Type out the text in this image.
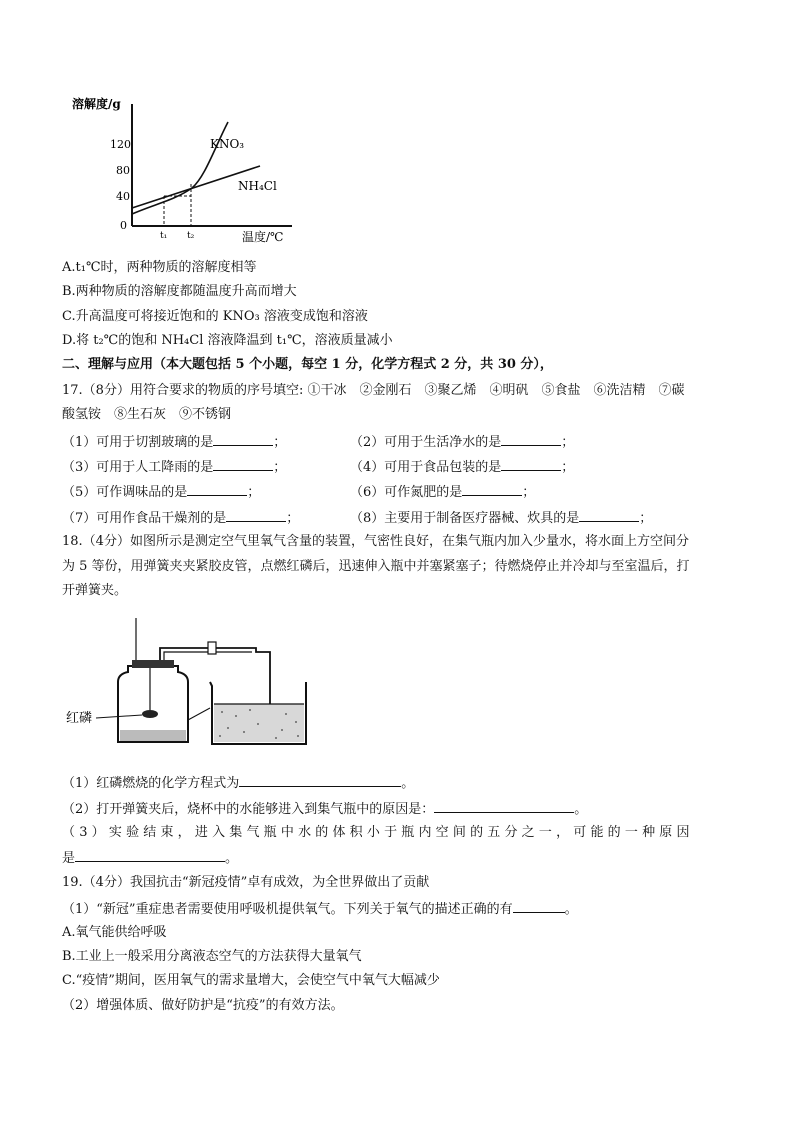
溶解度/g
120
80
40
0
KNO₃
NH₄Cl
t₁ t₂	温度/℃
A.t₁℃时，两种物质的溶解度相等
B.两种物质的溶解度都随温度升高而增大
C.升高温度可将接近饱和的 KNO₃ 溶液变成饱和溶液
D.将 t₂℃的饱和 NH₄Cl 溶液降温到 t₁℃，溶液质量减小
二、理解与应用（本大题包括 5 个小题，每空 1 分，化学方程式 2 分，共 30 分），
17.（8分）用符合要求的物质的序号填空: ①干冰　②金刚石　③聚乙烯　④明矾　⑤食盐　⑥洗洁精　⑦碳
酸氢铵　⑧生石灰　⑨不锈钢
（1）可用于切割玻璃的是	；	（2）可用于生活净水的是	；
（3）可用于人工降雨的是	；	（4）可用于食品包装的是	；
（5）可作调味品的是	；	（6）可作氮肥的是	；
（7）可用作食品干燥剂的是	；	（8）主要用于制备医疗器械、炊具的是	；
18.（4分）如图所示是测定空气里氧气含量的装置，气密性良好，在集气瓶内加入少量水，将水面上方空间分
为 5 等份，用弹簧夹夹紧胶皮管，点燃红磷后，迅速伸入瓶中并塞紧塞子；待燃烧停止并冷却与至室温后，打
开弹簧夹。
红磷
（1）红磷燃烧的化学方程式为	。
（2）打开弹簧夹后，烧杯中的水能够进入到集气瓶中的原因是：	。
（3）实验结束，进入集气瓶中水的体积小于瓶内空间的五分之一，可能的一种原因
是	。
19.（4分）我国抗击“新冠疫情”卓有成效，为全世界做出了贡献
（1）“新冠”重症患者需要使用呼吸机提供氧气。下列关于氧气的描述正确的有	。
A.氧气能供给呼吸
B.工业上一般采用分离液态空气的方法获得大量氧气
C.“疫情”期间，医用氧气的需求量增大，会使空气中氧气大幅减少
（2）增强体质、做好防护是“抗疫”的有效方法。
